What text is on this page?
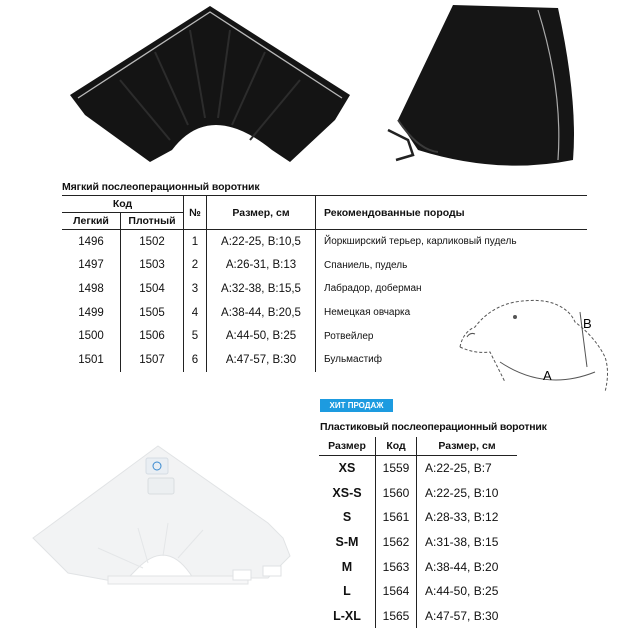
Мягкий послеоперационный воротник
Код		№	Размер, см	Рекомендованные породы
Легкий	Плотный			
1496	1502	1	A:22-25, B:10,5	Йоркширский терьер, карликовый пудель
1497	1503	2	A:26-31, B:13	Спаниель, пудель
1498	1504	3	A:32-38, B:15,5	Лабрадор, доберман
1499	1505	4	A:38-44, B:20,5	Немецкая овчарка
1500	1506	5	A:44-50, B:25	Ротвейлер
1501	1507	6	A:47-57, B:30	Бульмастиф
B
A
ХИТ ПРОДАЖ
Пластиковый послеоперационный воротник
Размер	Код	Размер, см
XS	1559	A:22-25, B:7
XS-S	1560	A:22-25, B:10
S	1561	A:28-33, B:12
S-M	1562	A:31-38, B:15
M	1563	A:38-44, B:20
L	1564	A:44-50, B:25
L-XL	1565	A:47-57, B:30
